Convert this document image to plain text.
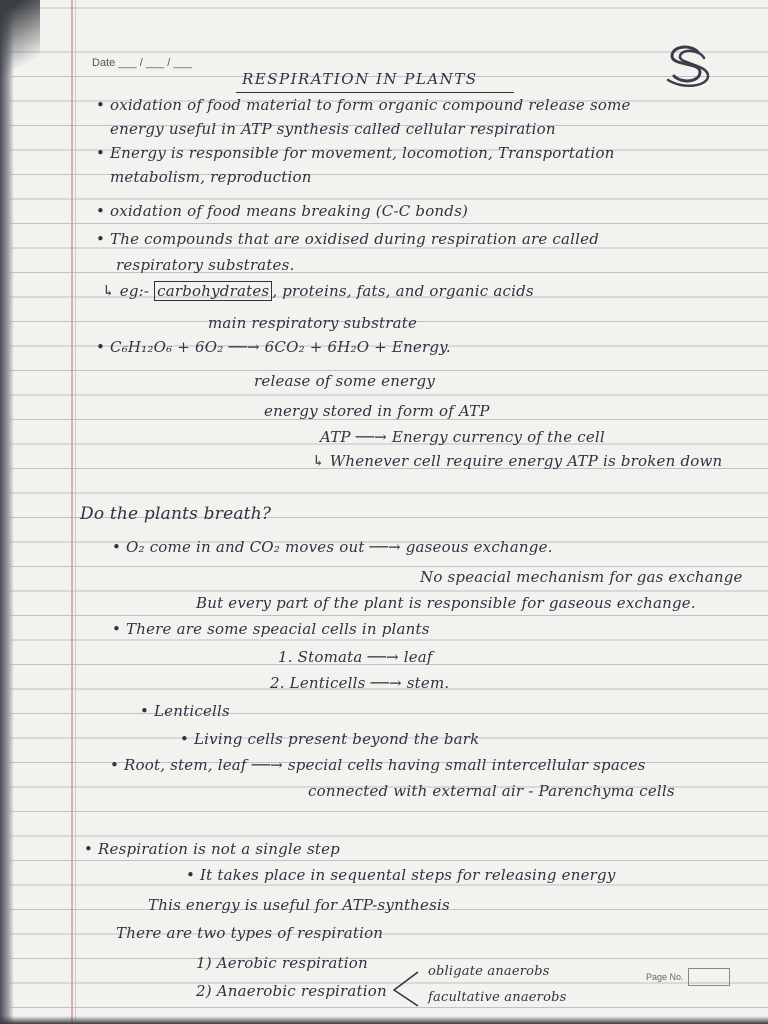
Date ___ / ___ / ___
RESPIRATION IN PLANTS
• oxidation of food material to form organic compound release some
energy useful in ATP synthesis called cellular respiration
• Energy is responsible for movement, locomotion, Transportation
metabolism, reproduction
• oxidation of food means breaking (C-C bonds)
• The compounds that are oxidised during respiration are called
respiratory substrates.
↳ eg:- carbohydrates , proteins, fats, and organic acids
main respiratory substrate
• C₆H₁₂O₆ + 6O₂ ──→ 6CO₂ + 6H₂O + Energy.
release of some energy
energy stored in form of ATP
ATP ──→ Energy currency of the cell
↳ Whenever cell require energy ATP is broken down
Do the plants breath?
• O₂ come in and CO₂ moves out ──→ gaseous exchange.
No speacial mechanism for gas exchange
But every part of the plant is responsible for gaseous exchange.
• There are some speacial cells in plants
1. Stomata ──→ leaf
2. Lenticells ──→ stem.
• Lenticells
• Living cells present beyond the bark
• Root, stem, leaf ──→ special cells having small intercellular spaces
connected with external air - Parenchyma cells
• Respiration is not a single step
• It takes place in sequental steps for releasing energy
This energy is useful for ATP-synthesis
There are two types of respiration
1) Aerobic respiration
2) Anaerobic respiration
obligate anaerobs
facultative anaerobs
Page No.
